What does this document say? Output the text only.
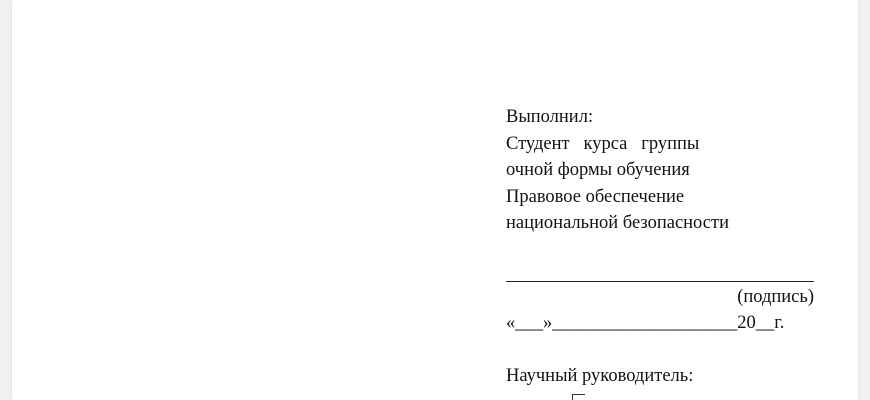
Выполнил:
Студент   курса   группы
очной формы обучения
Правовое обеспечение
национальной безопасности
(подпись)
«___»____________________20__г.
Научный руководитель:
